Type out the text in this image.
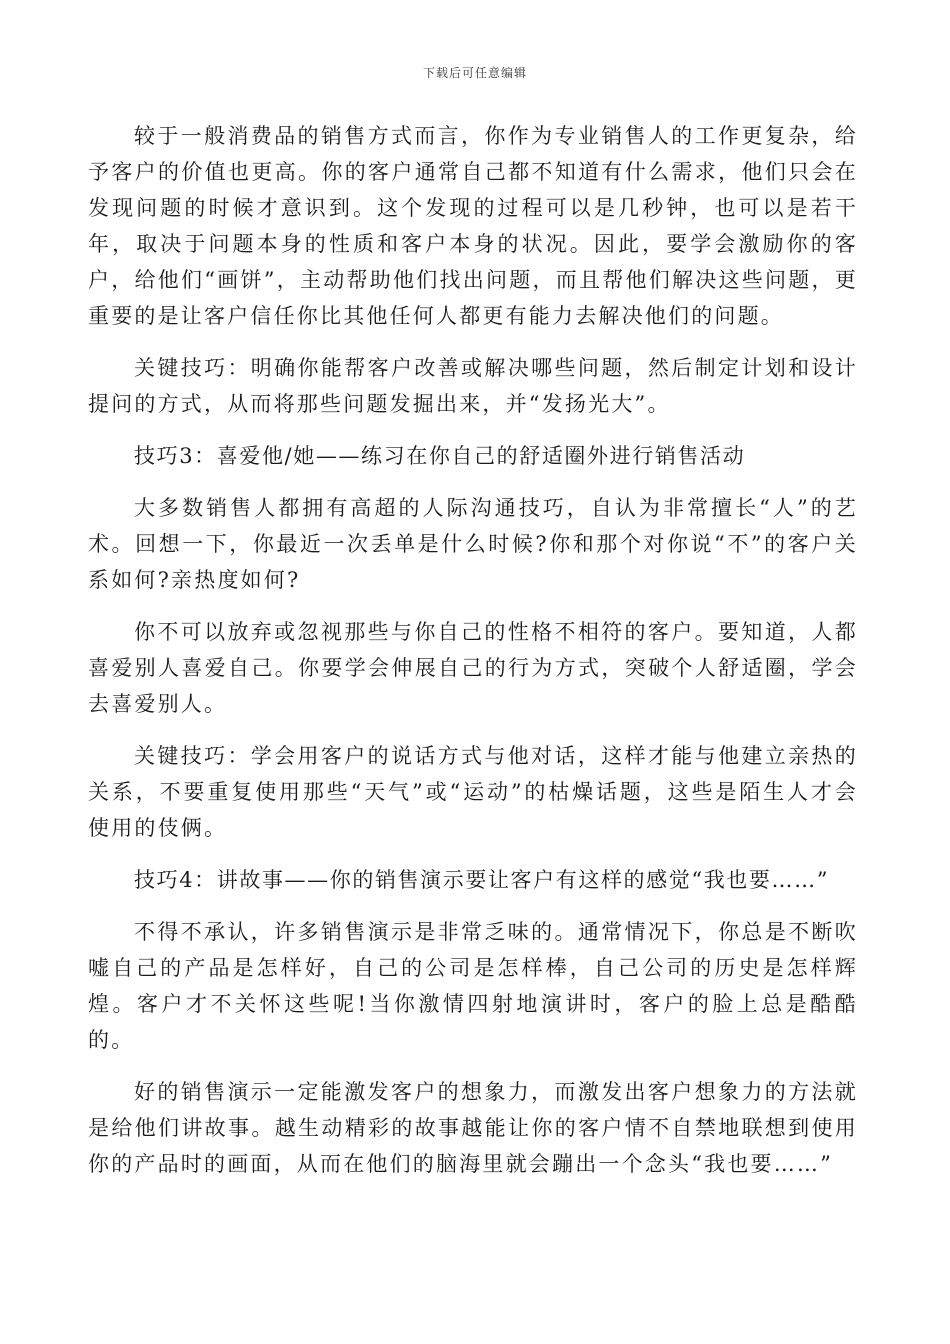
下载后可任意编辑

较于一般消费品的销售方式而言，你作为专业销售人的工作更复杂，给予客户的价值也更高。你的客户通常自己都不知道有什么需求，他们只会在发现问题的时候才意识到。这个发现的过程可以是几秒钟，也可以是若干年，取决于问题本身的性质和客户本身的状况。因此，要学会激励你的客户，给他们“画饼”，主动帮助他们找出问题，而且帮他们解决这些问题，更重要的是让客户信任你比其他任何人都更有能力去解决他们的问题。

关键技巧：明确你能帮客户改善或解决哪些问题，然后制定计划和设计提问的方式，从而将那些问题发掘出来，并“发扬光大”。

技巧3：喜爱他/她——练习在你自己的舒适圈外进行销售活动

大多数销售人都拥有高超的人际沟通技巧，自认为非常擅长“人”的艺术。回想一下，你最近一次丢单是什么时候?你和那个对你说“不”的客户关系如何?亲热度如何?

你不可以放弃或忽视那些与你自己的性格不相符的客户。要知道，人都喜爱别人喜爱自己。你要学会伸展自己的行为方式，突破个人舒适圈，学会去喜爱别人。

关键技巧：学会用客户的说话方式与他对话，这样才能与他建立亲热的关系，不要重复使用那些“天气”或“运动”的枯燥话题，这些是陌生人才会使用的伎俩。

技巧4：讲故事——你的销售演示要让客户有这样的感觉“我也要……”

不得不承认，许多销售演示是非常乏味的。通常情况下，你总是不断吹嘘自己的产品是怎样好，自己的公司是怎样棒，自己公司的历史是怎样辉煌。客户才不关怀这些呢!当你激情四射地演讲时，客户的脸上总是酷酷的。

好的销售演示一定能激发客户的想象力，而激发出客户想象力的方法就是给他们讲故事。越生动精彩的故事越能让你的客户情不自禁地联想到使用你的产品时的画面，从而在他们的脑海里就会蹦出一个念头“我也要……”
